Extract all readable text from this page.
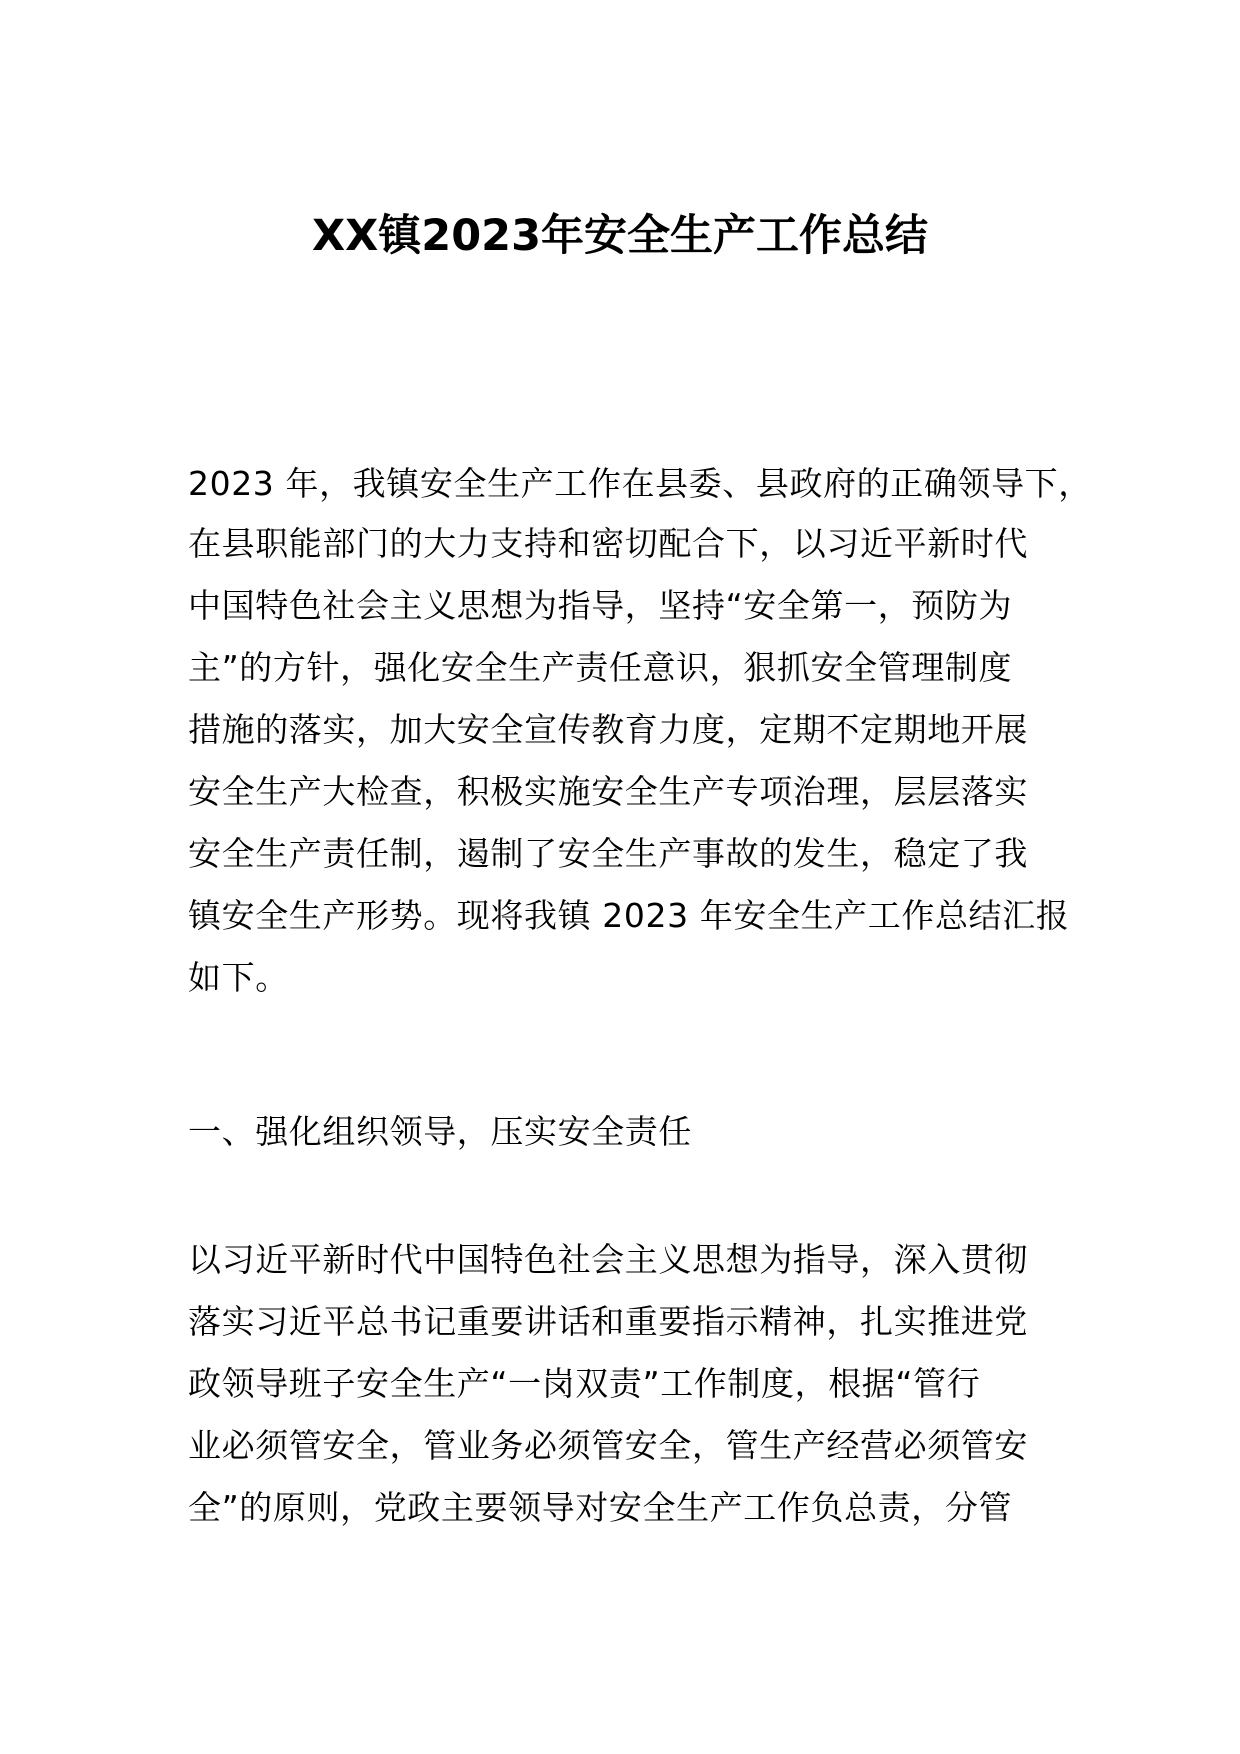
XX镇2023年安全生产工作总结
2023 年，我镇安全生产工作在县委、县政府的正确领导下，
在县职能部门的大力支持和密切配合下，以习近平新时代
中国特色社会主义思想为指导，坚持“安全第一，预防为
主”的方针，强化安全生产责任意识，狠抓安全管理制度
措施的落实，加大安全宣传教育力度，定期不定期地开展
安全生产大检查，积极实施安全生产专项治理，层层落实
安全生产责任制，遏制了安全生产事故的发生，稳定了我
镇安全生产形势。现将我镇 2023 年安全生产工作总结汇报
如下。
一、强化组织领导，压实安全责任
以习近平新时代中国特色社会主义思想为指导，深入贯彻
落实习近平总书记重要讲话和重要指示精神，扎实推进党
政领导班子安全生产“一岗双责”工作制度，根据“管行
业必须管安全，管业务必须管安全，管生产经营必须管安
全”的原则，党政主要领导对安全生产工作负总责，分管
